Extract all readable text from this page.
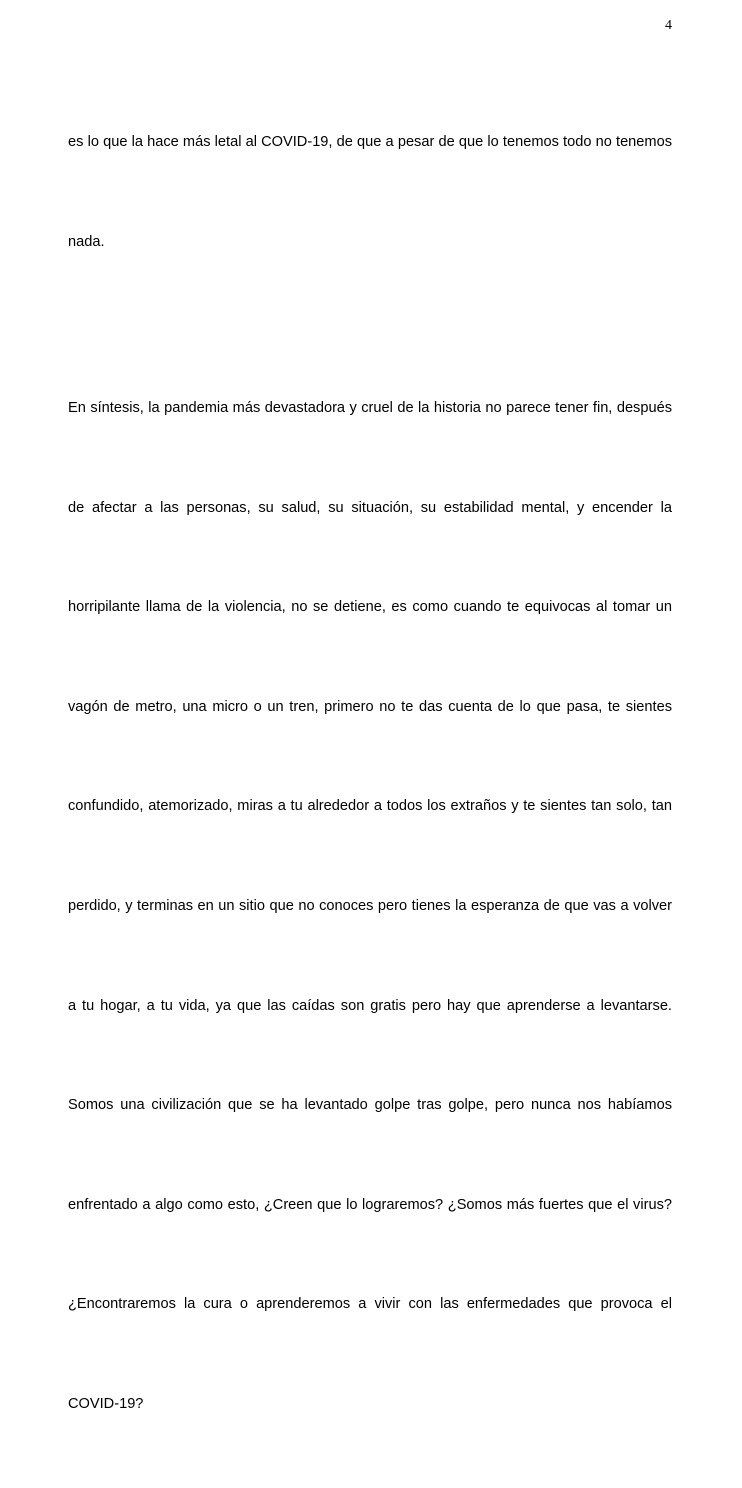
4

es lo que la hace más letal al COVID-19, de que a pesar de que lo tenemos todo no tenemos

nada.

En síntesis, la pandemia más devastadora y cruel de la historia no parece tener fin, después

de afectar a las personas, su salud, su situación, su estabilidad mental, y encender la

horripilante llama de la violencia, no se detiene, es como cuando te equivocas al tomar un

vagón de metro, una micro o un tren, primero no te das cuenta de lo que pasa, te sientes

confundido, atemorizado, miras a tu alrededor a todos los extraños y te sientes tan solo, tan

perdido, y terminas en un sitio que no conoces pero tienes la esperanza de que vas a volver

a tu hogar, a tu vida, ya que las caídas son gratis pero hay que aprenderse a levantarse.

Somos una civilización que se ha levantado golpe tras golpe, pero nunca nos habíamos

enfrentado a algo como esto, ¿Creen que lo lograremos? ¿Somos más fuertes que el virus?

¿Encontraremos la cura o aprenderemos a vivir con las enfermedades que provoca el

COVID-19?
